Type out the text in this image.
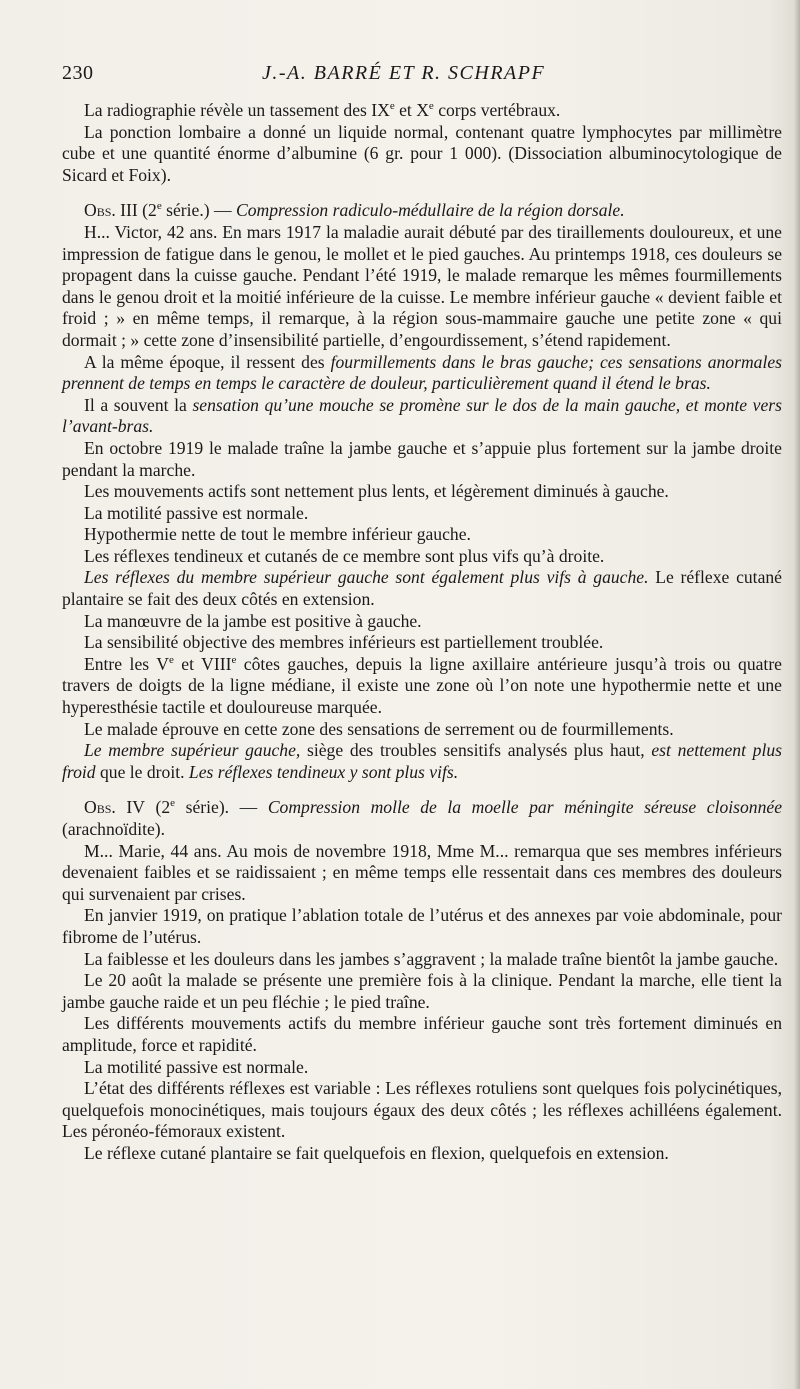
230	J.-A. BARRÉ ET R. SCHRAPF

La radiographie révèle un tassement des IXe et Xe corps vertébraux.

La ponction lombaire a donné un liquide normal, contenant quatre lymphocytes par millimètre cube et une quantité énorme d’albumine (6 gr. pour 1 000). (Dissociation albuminocytologique de Sicard et Foix).

Obs. III (2e série.) — Compression radiculo-médullaire de la région dorsale.

H... Victor, 42 ans. En mars 1917 la maladie aurait débuté par des tiraillements douloureux, et une impression de fatigue dans le genou, le mollet et le pied gauches. Au printemps 1918, ces douleurs se propagent dans la cuisse gauche. Pendant l’été 1919, le malade remarque les mêmes fourmillements dans le genou droit et la moitié inférieure de la cuisse. Le membre inférieur gauche « devient faible et froid ; » en même temps, il remarque, à la région sous-mammaire gauche une petite zone « qui dormait ; » cette zone d’insensibilité partielle, d’engourdissement, s’étend rapidement.

A la même époque, il ressent des fourmillements dans le bras gauche; ces sensations anormales prennent de temps en temps le caractère de douleur, particulièrement quand il étend le bras.

Il a souvent la sensation qu’une mouche se promène sur le dos de la main gauche, et monte vers l’avant-bras.

En octobre 1919 le malade traîne la jambe gauche et s’appuie plus fortement sur la jambe droite pendant la marche.

Les mouvements actifs sont nettement plus lents, et légèrement diminués à gauche.

La motilité passive est normale.

Hypothermie nette de tout le membre inférieur gauche.

Les réflexes tendineux et cutanés de ce membre sont plus vifs qu’à droite.

Les réflexes du membre supérieur gauche sont également plus vifs à gauche. Le réflexe cutané plantaire se fait des deux côtés en extension.

La manœuvre de la jambe est positive à gauche.

La sensibilité objective des membres inférieurs est partiellement troublée.

Entre les Ve et VIIIe côtes gauches, depuis la ligne axillaire antérieure jusqu’à trois ou quatre travers de doigts de la ligne médiane, il existe une zone où l’on note une hypothermie nette et une hyperesthésie tactile et douloureuse marquée.

Le malade éprouve en cette zone des sensations de serrement ou de fourmillements.

Le membre supérieur gauche, siège des troubles sensitifs analysés plus haut, est nettement plus froid que le droit. Les réflexes tendineux y sont plus vifs.

Obs. IV (2e série). — Compression molle de la moelle par méningite séreuse cloisonnée (arachnoïdite).

M... Marie, 44 ans. Au mois de novembre 1918, Mme M... remarqua que ses membres inférieurs devenaient faibles et se raidissaient ; en même temps elle ressentait dans ces membres des douleurs qui survenaient par crises.

En janvier 1919, on pratique l’ablation totale de l’utérus et des annexes par voie abdominale, pour fibrome de l’utérus.

La faiblesse et les douleurs dans les jambes s’aggravent ; la malade traîne bientôt la jambe gauche.

Le 20 août la malade se présente une première fois à la clinique. Pendant la marche, elle tient la jambe gauche raide et un peu fléchie ; le pied traîne.

Les différents mouvements actifs du membre inférieur gauche sont très fortement diminués en amplitude, force et rapidité.

La motilité passive est normale.

L’état des différents réflexes est variable : Les réflexes rotuliens sont quelques fois polycinétiques, quelquefois monocinétiques, mais toujours égaux des deux côtés ; les réflexes achilléens également. Les péronéo-fémoraux existent.

Le réflexe cutané plantaire se fait quelquefois en flexion, quelquefois en extension.
